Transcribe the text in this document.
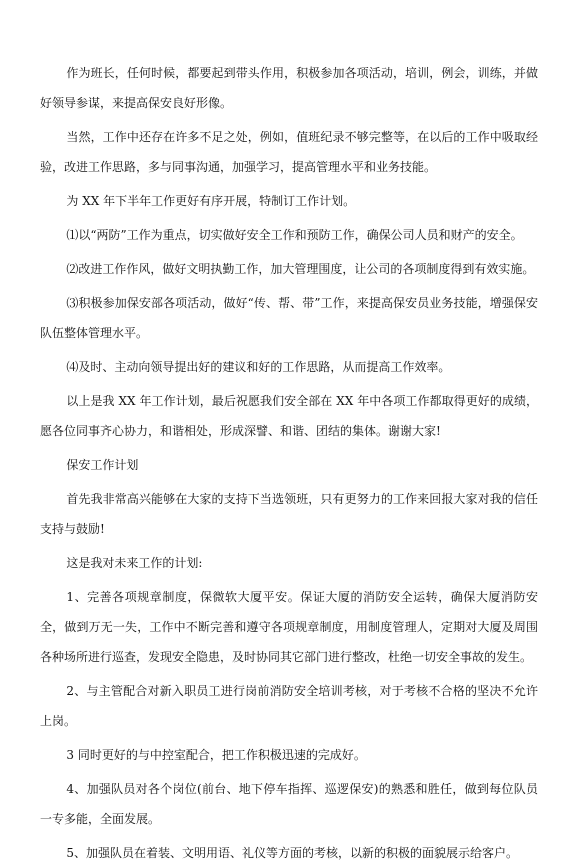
作为班长，任何时候，都要起到带头作用，积极参加各项活动，培训，例会，训练，并做好领导参谋，来提高保安良好形像。

当然，工作中还存在许多不足之处，例如，值班纪录不够完整等，在以后的工作中吸取经验，改进工作思路，多与同事沟通，加强学习，提高管理水平和业务技能。

为 XX 年下半年工作更好有序开展，特制订工作计划。

⑴以“两防”工作为重点，切实做好安全工作和预防工作，确保公司人员和财产的安全。

⑵改进工作作风，做好文明执勤工作，加大管理围度，让公司的各项制度得到有效实施。

⑶积极参加保安部各项活动，做好“传、帮、带”工作，来提高保安员业务技能，增强保安队伍整体管理水平。

⑷及时、主动向领导提出好的建议和好的工作思路，从而提高工作效率。

以上是我 XX 年工作计划，最后祝愿我们安全部在 XX 年中各项工作都取得更好的成绩，愿各位同事齐心协力，和谐相处，形成深譬、和谐、团结的集体。谢谢大家!

保安工作计划

首先我非常高兴能够在大家的支持下当选领班，只有更努力的工作来回报大家对我的信任支持与鼓励!

这是我对未来工作的计划:

1、完善各项规章制度，保微软大厦平安。保证大厦的消防安全运转，确保大厦消防安全，做到万无一失，工作中不断完善和遵守各项规章制度，用制度管理人，定期对大厦及周围各种场所进行巡查，发现安全隐患，及时协同其它部门进行整改，杜绝一切安全事故的发生。

2、与主管配合对新入职员工进行岗前消防安全培训考核，对于考核不合格的坚决不允许上岗。

3 同时更好的与中控室配合，把工作积极迅速的完成好。

4、加强队员对各个岗位(前台、地下停车指挥、巡逻保安)的熟悉和胜任，做到每位队员一专多能，全面发展。

5、加强队员在着装、文明用语、礼仪等方面的考核，以新的积极的面貌展示给客户。
